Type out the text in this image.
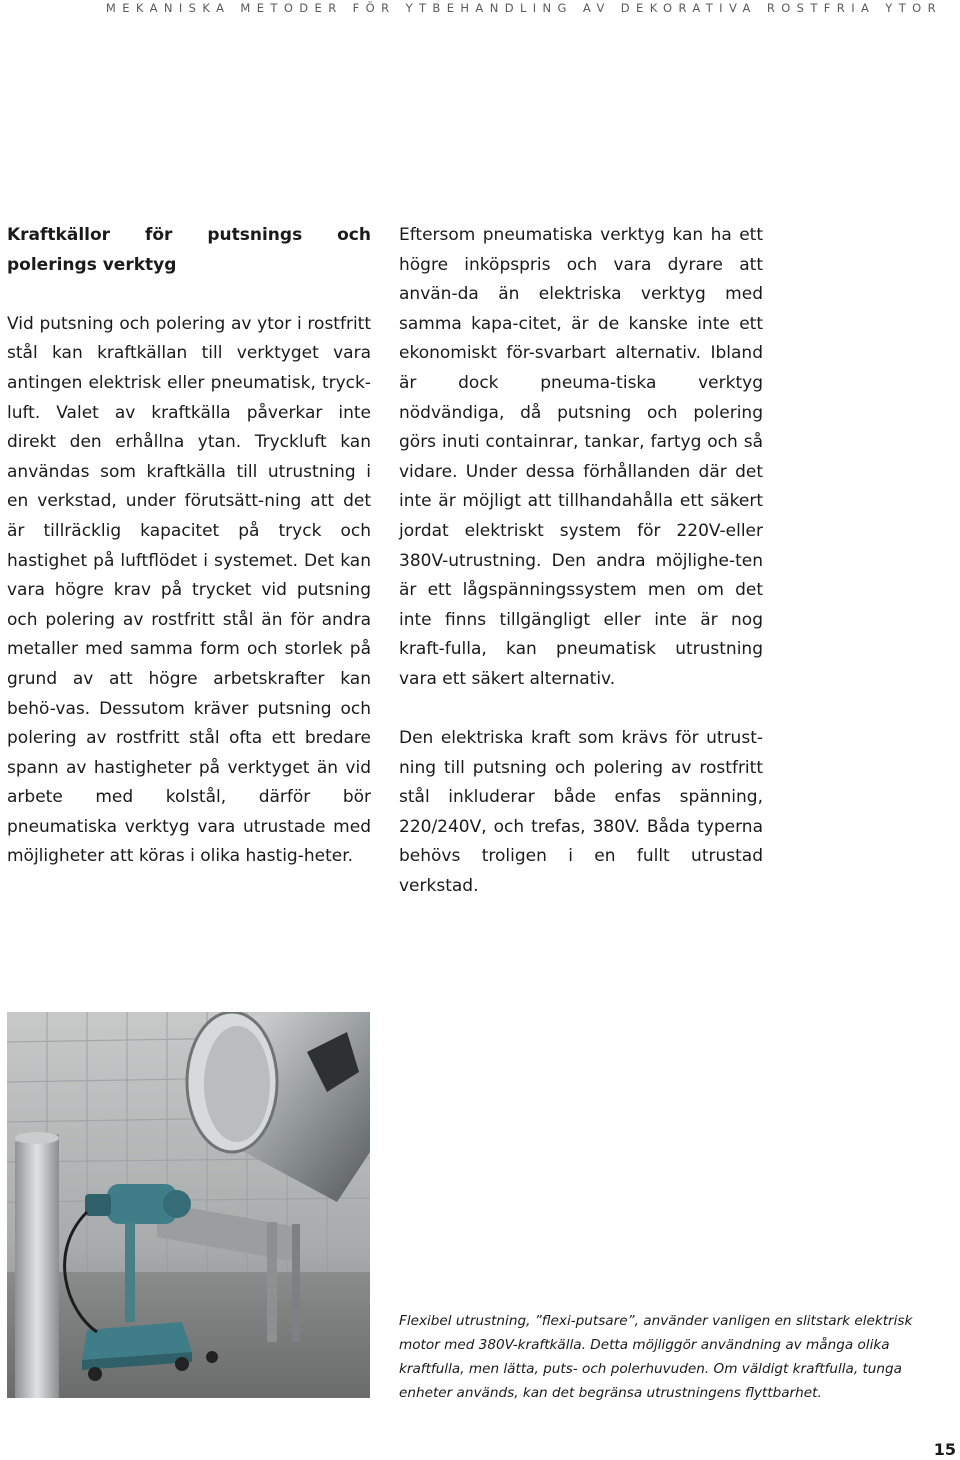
MEKANISKA METODER FÖR YTBEHANDLING AV DEKORATIVA ROSTFRIA YTOR

Kraftkällor för putsnings och polerings verktyg

Vid putsning och polering av ytor i rostfritt stål kan kraftkällan till verktyget vara antingen elektrisk eller pneumatisk, tryck-luft. Valet av kraftkälla påverkar inte direkt den erhållna ytan. Tryckluft kan användas som kraftkälla till utrustning i en verkstad, under förutsätt-ning att det är tillräcklig kapacitet på tryck och hastighet på luftflödet i systemet. Det kan vara högre krav på trycket vid putsning och polering av rostfritt stål än för andra metaller med samma form och storlek på grund av att högre arbetskrafter kan behö-vas. Dessutom kräver putsning och polering av rostfritt stål ofta ett bredare spann av hastigheter på verktyget än vid arbete med kolstål, därför bör pneumatiska verktyg vara utrustade med möjligheter att köras i olika hastig-heter.

Eftersom pneumatiska verktyg kan ha ett högre inköpspris och vara dyrare att använ-da än elektriska verktyg med samma kapa-citet, är de kanske inte ett ekonomiskt för-svarbart alternativ. Ibland är dock pneuma-tiska verktyg nödvändiga, då putsning och polering görs inuti containrar, tankar, fartyg och så vidare. Under dessa förhållanden där det inte är möjligt att tillhandahålla ett säkert jordat elektriskt system för 220V-eller 380V-utrustning. Den andra möjlighe-ten är ett lågspänningssystem men om det inte finns tillgängligt eller inte är nog kraft-fulla, kan pneumatisk utrustning vara ett säkert alternativ.

Den elektriska kraft som krävs för utrust-ning till putsning och polering av rostfritt stål inkluderar både enfas spänning, 220/240V, och trefas, 380V. Båda typerna behövs troligen i en fullt utrustad verkstad.

Flexibel utrustning, ”flexi-putsare”, använder vanligen en slitstark elektrisk motor med 380V-kraftkälla. Detta möjliggör användning av många olika kraftfulla, men lätta, puts- och polerhuvuden. Om väldigt kraftfulla, tunga enheter används, kan det begränsa utrustningens flyttbarhet.

15
